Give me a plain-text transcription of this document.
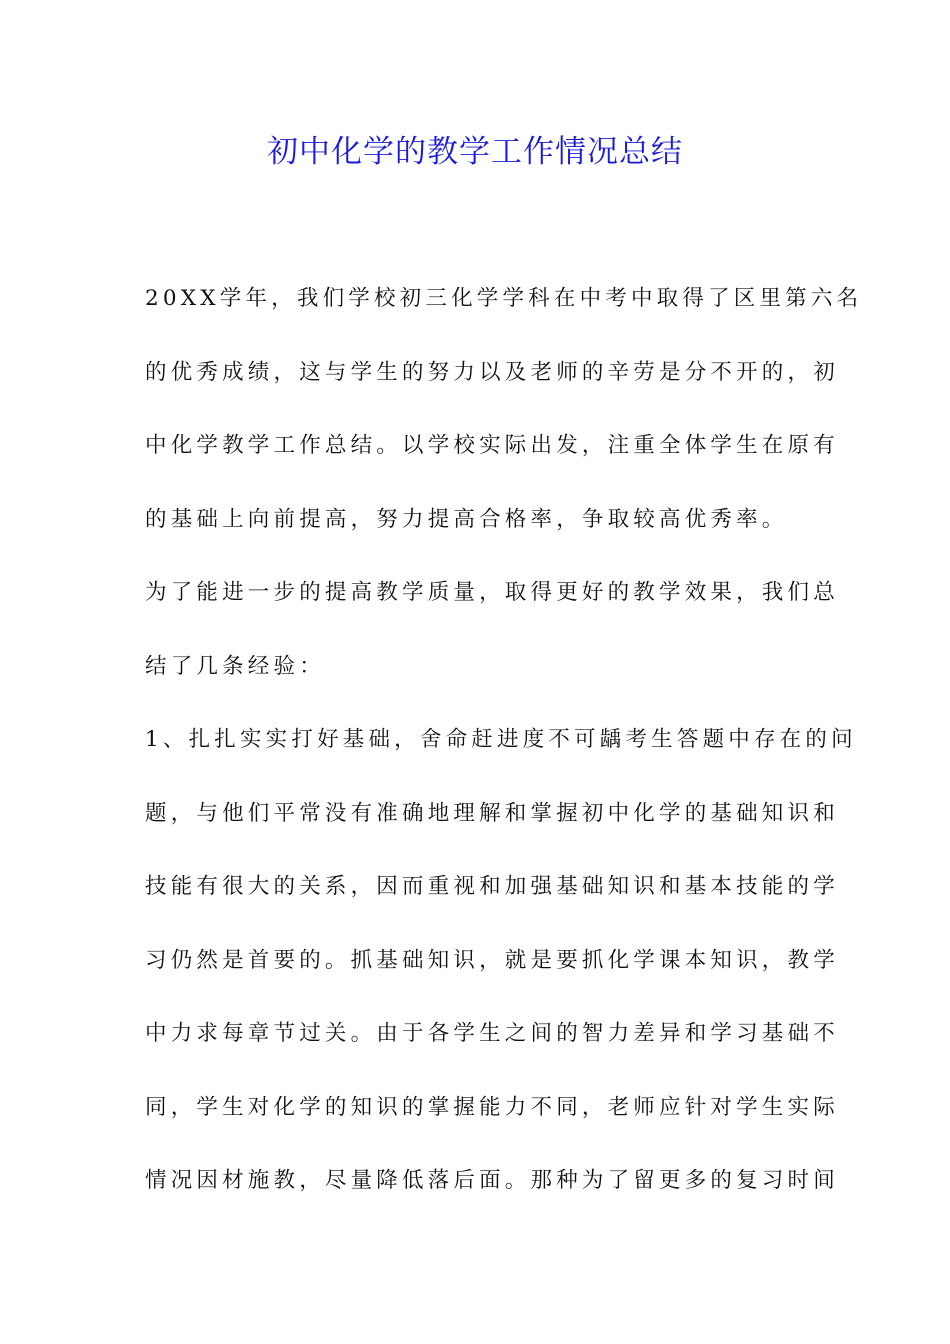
初中化学的教学工作情况总结
20XX学年，我们学校初三化学学科在中考中取得了区里第六名
的优秀成绩，这与学生的努力以及老师的辛劳是分不开的，初
中化学教学工作总结。以学校实际出发，注重全体学生在原有
的基础上向前提高，努力提高合格率，争取较高优秀率。
为了能进一步的提高教学质量，取得更好的教学效果，我们总
结了几条经验：
1、扎扎实实打好基础，舍命赶进度不可龋考生答题中存在的问
题，与他们平常没有准确地理解和掌握初中化学的基础知识和
技能有很大的关系，因而重视和加强基础知识和基本技能的学
习仍然是首要的。抓基础知识，就是要抓化学课本知识，教学
中力求每章节过关。由于各学生之间的智力差异和学习基础不
同，学生对化学的知识的掌握能力不同，老师应针对学生实际
情况因材施教，尽量降低落后面。那种为了留更多的复习时间
